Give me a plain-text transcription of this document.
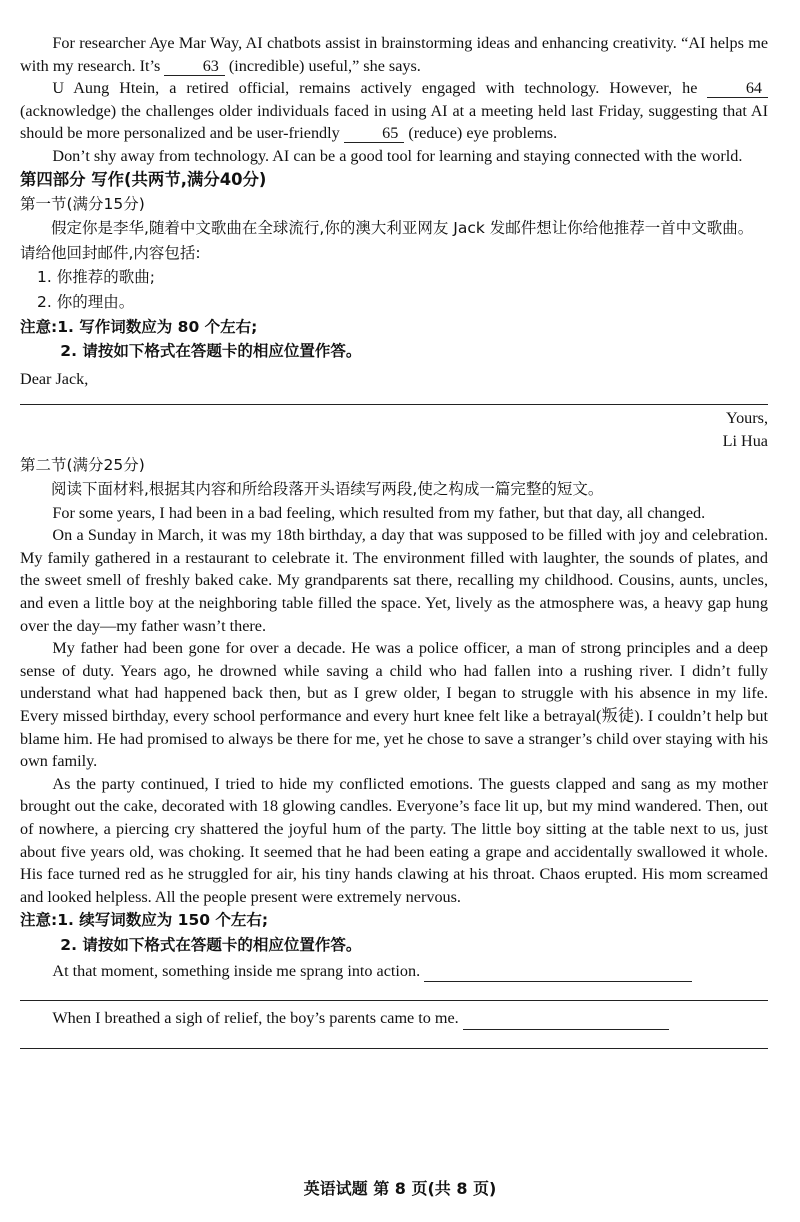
For researcher Aye Mar Way, AI chatbots assist in brainstorming ideas and enhancing creativity. “AI helps me with my research. It’s 63 (incredible) useful,” she says.

U Aung Htein, a retired official, remains actively engaged with technology. However, he 64 (acknowledge) the challenges older individuals faced in using AI at a meeting held last Friday, suggesting that AI should be more personalized and be user-friendly 65 (reduce) eye problems.

Don’t shy away from technology. AI can be a good tool for learning and staying connected with the world.

第四部分 写作(共两节,满分40分)

第一节(满分15分)

假定你是李华,随着中文歌曲在全球流行,你的澳大利亚网友 Jack 发邮件想让你给他推荐一首中文歌曲。请给他回封邮件,内容包括:

1. 你推荐的歌曲;

2. 你的理由。

注意:1. 写作词数应为 80 个左右;

2. 请按如下格式在答题卡的相应位置作答。

Dear Jack,

Yours,

Li Hua

第二节(满分25分)

阅读下面材料,根据其内容和所给段落开头语续写两段,使之构成一篇完整的短文。

For some years, I had been in a bad feeling, which resulted from my father, but that day, all changed.

On a Sunday in March, it was my 18th birthday, a day that was supposed to be filled with joy and celebration. My family gathered in a restaurant to celebrate it. The environment filled with laughter, the sounds of plates, and the sweet smell of freshly baked cake. My grandparents sat there, recalling my childhood. Cousins, aunts, uncles, and even a little boy at the neighboring table filled the space. Yet, lively as the atmosphere was, a heavy gap hung over the day—my father wasn’t there.

My father had been gone for over a decade. He was a police officer, a man of strong principles and a deep sense of duty. Years ago, he drowned while saving a child who had fallen into a rushing river. I didn’t fully understand what had happened back then, but as I grew older, I began to struggle with his absence in my life. Every missed birthday, every school performance and every hurt knee felt like a betrayal(叛徒). I couldn’t help but blame him. He had promised to always be there for me, yet he chose to save a stranger’s child over staying with his own family.

As the party continued, I tried to hide my conflicted emotions. The guests clapped and sang as my mother brought out the cake, decorated with 18 glowing candles. Everyone’s face lit up, but my mind wandered. Then, out of nowhere, a piercing cry shattered the joyful hum of the party. The little boy sitting at the table next to us, just about five years old, was choking. It seemed that he had been eating a grape and accidentally swallowed it whole. His face turned red as he struggled for air, his tiny hands clawing at his throat. Chaos erupted. His mom screamed and looked helpless. All the people present were extremely nervous.

注意:1. 续写词数应为 150 个左右;

2. 请按如下格式在答题卡的相应位置作答。

At that moment, something inside me sprang into action.

When I breathed a sigh of relief, the boy’s parents came to me.

英语试题 第 8 页(共 8 页)
